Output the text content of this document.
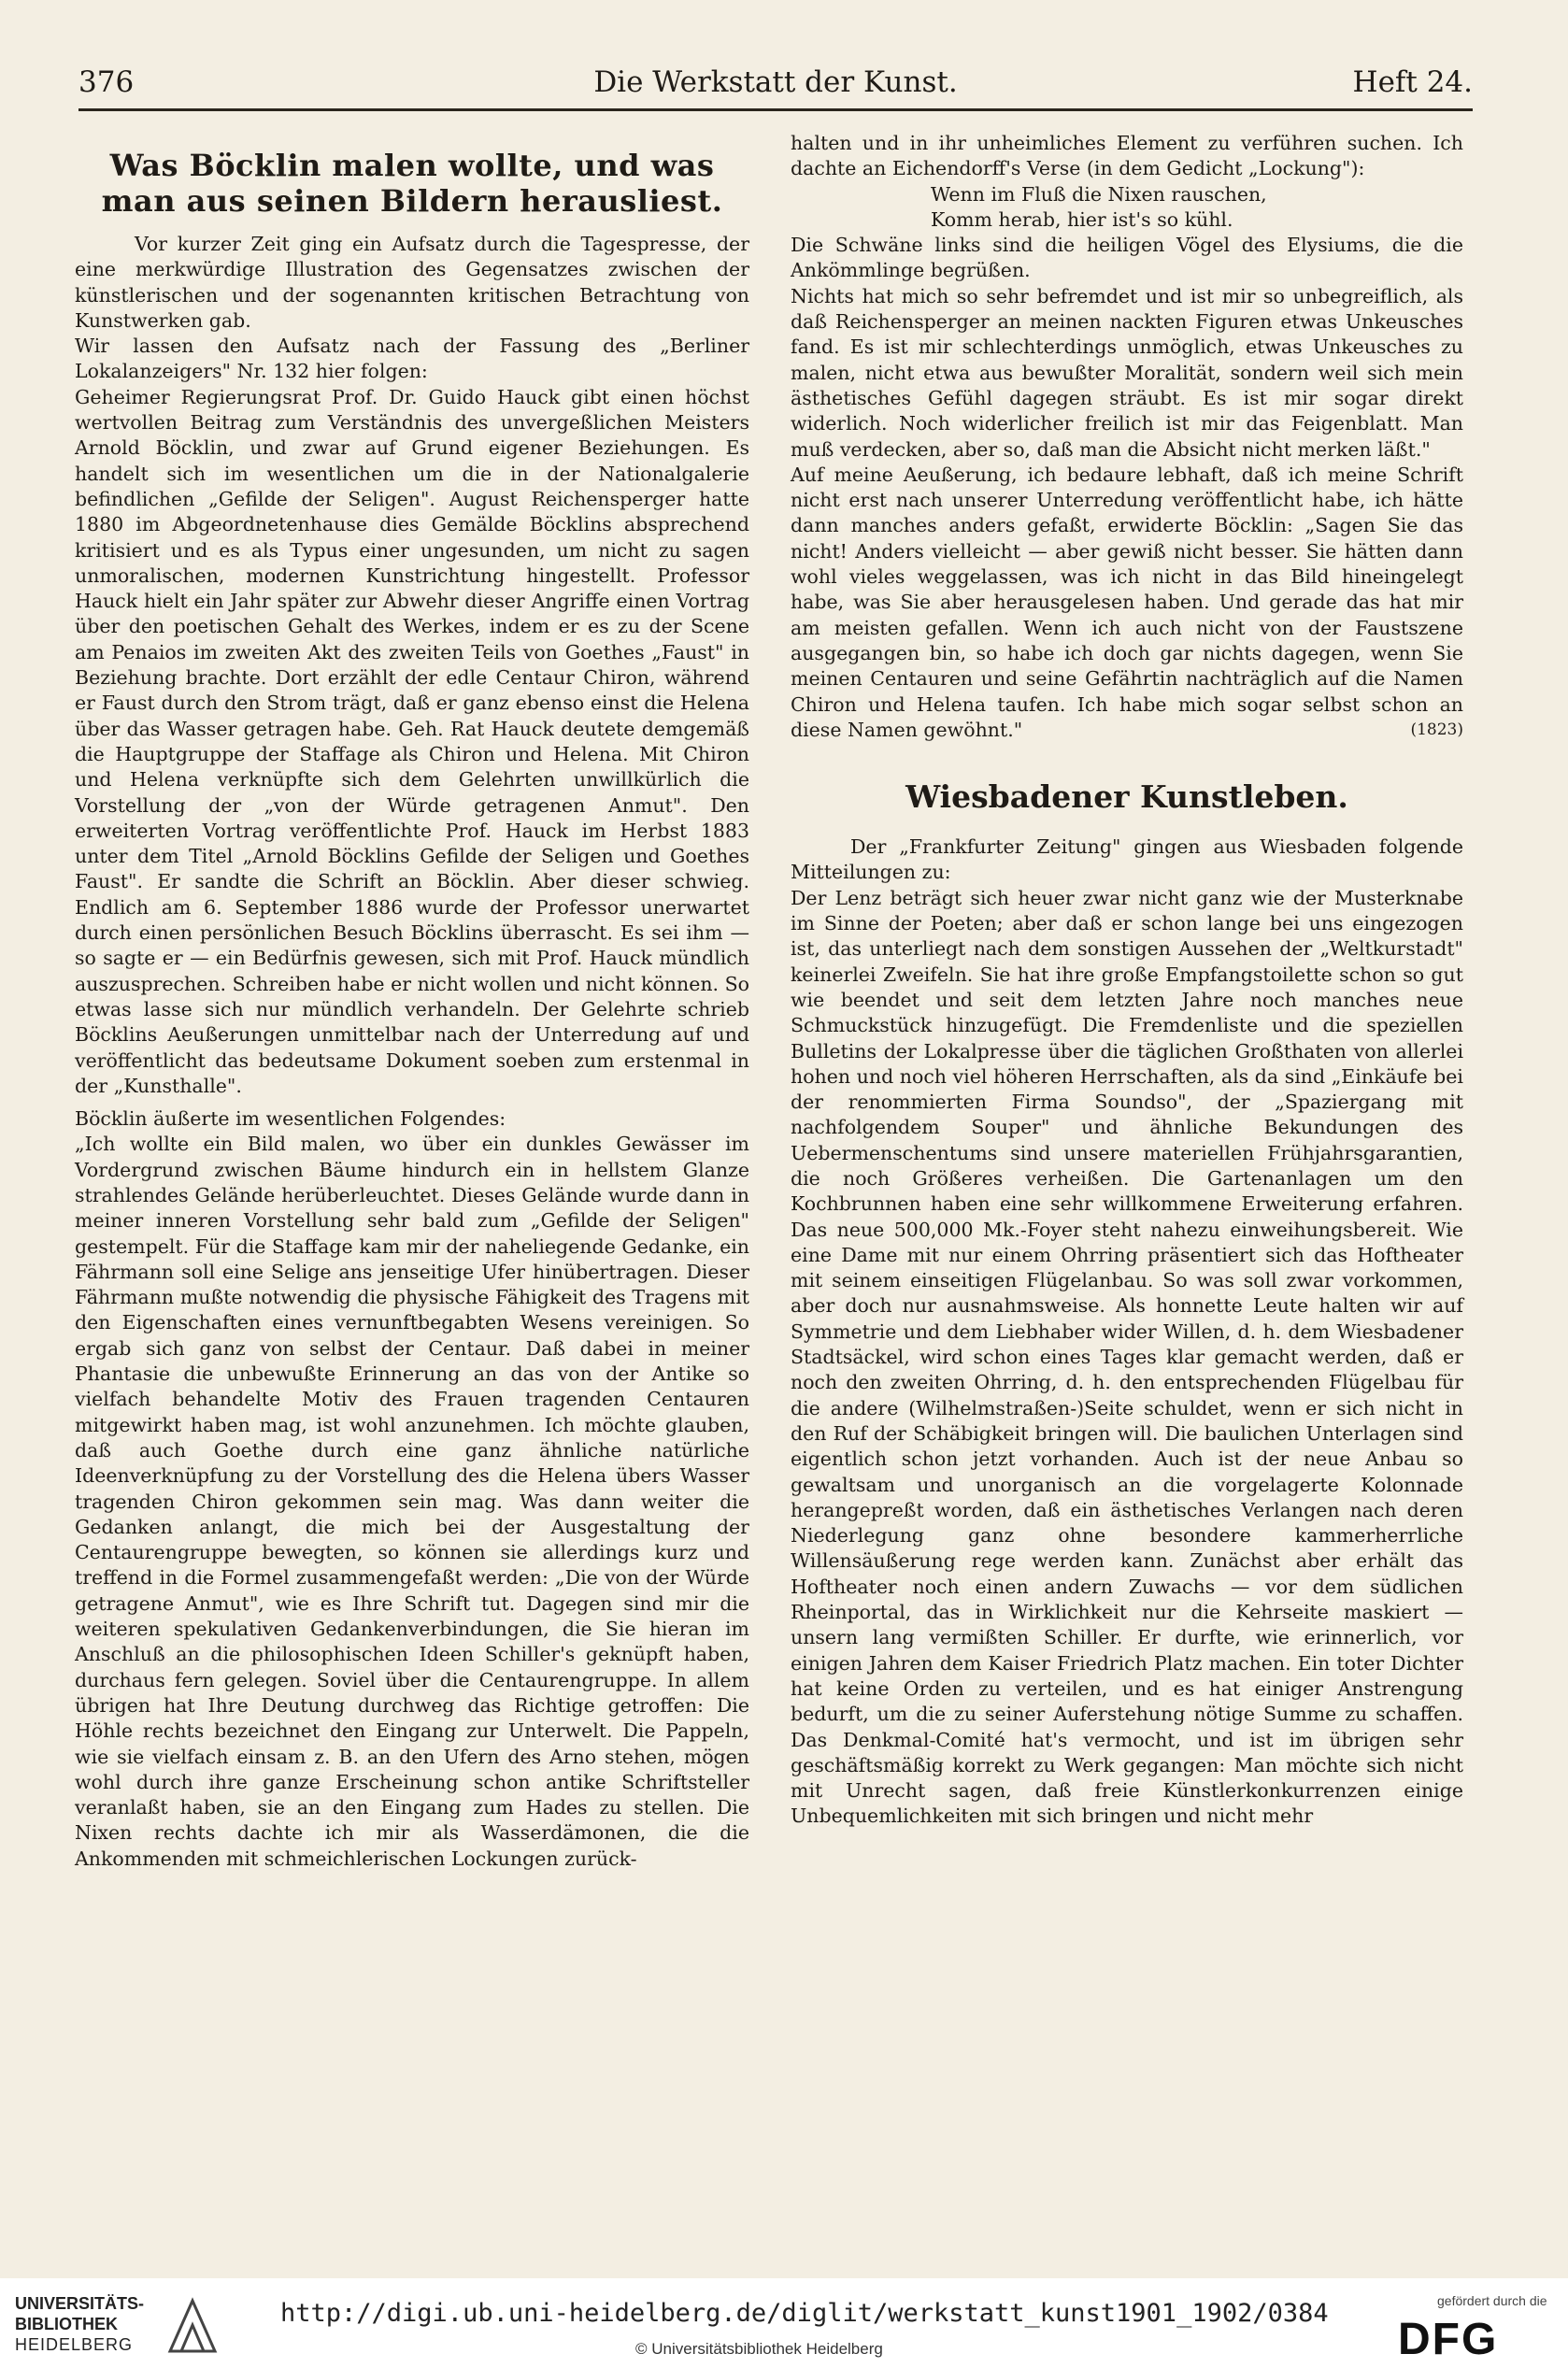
376	Die Werkstatt der Kunst.	Heft 24.
Was Böcklin malen wollte, und was man aus seinen Bildern herausliest.

Vor kurzer Zeit ging ein Aufsatz durch die Tagespresse, der eine merkwürdige Illustration des Gegensatzes zwischen der künstlerischen und der sogenannten kritischen Betrachtung von Kunstwerken gab.

Wir lassen den Aufsatz nach der Fassung des „Berliner Lokalanzeigers" Nr. 132 hier folgen:

Geheimer Regierungsrat Prof. Dr. Guido Hauck gibt einen höchst wertvollen Beitrag zum Verständnis des unvergeßlichen Meisters Arnold Böcklin, und zwar auf Grund eigener Beziehungen. Es handelt sich im wesentlichen um die in der Nationalgalerie befindlichen „Gefilde der Seligen". August Reichensperger hatte 1880 im Abgeordnetenhause dies Gemälde Böcklins absprechend kritisiert und es als Typus einer ungesunden, um nicht zu sagen unmoralischen, modernen Kunstrichtung hingestellt. Professor Hauck hielt ein Jahr später zur Abwehr dieser Angriffe einen Vortrag über den poetischen Gehalt des Werkes, indem er es zu der Scene am Penaios im zweiten Akt des zweiten Teils von Goethes „Faust" in Beziehung brachte. Dort erzählt der edle Centaur Chiron, während er Faust durch den Strom trägt, daß er ganz ebenso einst die Helena über das Wasser getragen habe. Geh. Rat Hauck deutete demgemäß die Hauptgruppe der Staffage als Chiron und Helena. Mit Chiron und Helena verknüpfte sich dem Gelehrten unwillkürlich die Vorstellung der „von der Würde getragenen Anmut". Den erweiterten Vortrag veröffentlichte Prof. Hauck im Herbst 1883 unter dem Titel „Arnold Böcklins Gefilde der Seligen und Goethes Faust". Er sandte die Schrift an Böcklin. Aber dieser schwieg. Endlich am 6. September 1886 wurde der Professor unerwartet durch einen persönlichen Besuch Böcklins überrascht. Es sei ihm — so sagte er — ein Bedürfnis gewesen, sich mit Prof. Hauck mündlich auszusprechen. Schreiben habe er nicht wollen und nicht können. So etwas lasse sich nur mündlich verhandeln. Der Gelehrte schrieb Böcklins Aeußerungen unmittelbar nach der Unterredung auf und veröffentlicht das bedeutsame Dokument soeben zum erstenmal in der „Kunsthalle".

Böcklin äußerte im wesentlichen Folgendes:

„Ich wollte ein Bild malen, wo über ein dunkles Gewässer im Vordergrund zwischen Bäume hindurch ein in hellstem Glanze strahlendes Gelände herüberleuchtet. Dieses Gelände wurde dann in meiner inneren Vorstellung sehr bald zum „Gefilde der Seligen" gestempelt. Für die Staffage kam mir der naheliegende Gedanke, ein Fährmann soll eine Selige ans jenseitige Ufer hinübertragen. Dieser Fährmann mußte notwendig die physische Fähigkeit des Tragens mit den Eigenschaften eines vernunftbegabten Wesens vereinigen. So ergab sich ganz von selbst der Centaur. Daß dabei in meiner Phantasie die unbewußte Erinnerung an das von der Antike so vielfach behandelte Motiv des Frauen tragenden Centauren mitgewirkt haben mag, ist wohl anzunehmen. Ich möchte glauben, daß auch Goethe durch eine ganz ähnliche natürliche Ideenverknüpfung zu der Vorstellung des die Helena übers Wasser tragenden Chiron gekommen sein mag. Was dann weiter die Gedanken anlangt, die mich bei der Ausgestaltung der Centaurengruppe bewegten, so können sie allerdings kurz und treffend in die Formel zusammengefaßt werden: „Die von der Würde getragene Anmut", wie es Ihre Schrift tut. Dagegen sind mir die weiteren spekulativen Gedankenverbindungen, die Sie hieran im Anschluß an die philosophischen Ideen Schiller's geknüpft haben, durchaus fern gelegen. Soviel über die Centaurengruppe. In allem übrigen hat Ihre Deutung durchweg das Richtige getroffen: Die Höhle rechts bezeichnet den Eingang zur Unterwelt. Die Pappeln, wie sie vielfach einsam z. B. an den Ufern des Arno stehen, mögen wohl durch ihre ganze Erscheinung schon antike Schriftsteller veranlaßt haben, sie an den Eingang zum Hades zu stellen. Die Nixen rechts dachte ich mir als Wasserdämonen, die die Ankommenden mit schmeichlerischen Lockungen zurück-

halten und in ihr unheimliches Element zu verführen suchen. Ich dachte an Eichendorff's Verse (in dem Gedicht „Lockung"):

Wenn im Fluß die Nixen rauschen,

Komm herab, hier ist's so kühl.

Die Schwäne links sind die heiligen Vögel des Elysiums, die die Ankömmlinge begrüßen.

Nichts hat mich so sehr befremdet und ist mir so unbegreiflich, als daß Reichensperger an meinen nackten Figuren etwas Unkeusches fand. Es ist mir schlechterdings unmöglich, etwas Unkeusches zu malen, nicht etwa aus bewußter Moralität, sondern weil sich mein ästhetisches Gefühl dagegen sträubt. Es ist mir sogar direkt widerlich. Noch widerlicher freilich ist mir das Feigenblatt. Man muß verdecken, aber so, daß man die Absicht nicht merken läßt."

Auf meine Aeußerung, ich bedaure lebhaft, daß ich meine Schrift nicht erst nach unserer Unterredung veröffentlicht habe, ich hätte dann manches anders gefaßt, erwiderte Böcklin: „Sagen Sie das nicht! Anders vielleicht — aber gewiß nicht besser. Sie hätten dann wohl vieles weggelassen, was ich nicht in das Bild hineingelegt habe, was Sie aber herausgelesen haben. Und gerade das hat mir am meisten gefallen. Wenn ich auch nicht von der Faustszene ausgegangen bin, so habe ich doch gar nichts dagegen, wenn Sie meinen Centauren und seine Gefährtin nachträglich auf die Namen Chiron und Helena taufen. Ich habe mich sogar selbst schon an diese Namen gewöhnt."	(1823)

Wiesbadener Kunstleben.

Der „Frankfurter Zeitung" gingen aus Wiesbaden folgende Mitteilungen zu:

Der Lenz beträgt sich heuer zwar nicht ganz wie der Musterknabe im Sinne der Poeten; aber daß er schon lange bei uns eingezogen ist, das unterliegt nach dem sonstigen Aussehen der „Weltkurstadt" keinerlei Zweifeln. Sie hat ihre große Empfangstoilette schon so gut wie beendet und seit dem letzten Jahre noch manches neue Schmuckstück hinzugefügt. Die Fremdenliste und die speziellen Bulletins der Lokalpresse über die täglichen Großthaten von allerlei hohen und noch viel höheren Herrschaften, als da sind „Einkäufe bei der renommierten Firma Soundso", der „Spaziergang mit nachfolgendem Souper" und ähnliche Bekundungen des Uebermenschentums sind unsere materiellen Frühjahrsgarantien, die noch Größeres verheißen. Die Gartenanlagen um den Kochbrunnen haben eine sehr willkommene Erweiterung erfahren. Das neue 500,000 Mk.-Foyer steht nahezu einweihungsbereit. Wie eine Dame mit nur einem Ohrring präsentiert sich das Hoftheater mit seinem einseitigen Flügelanbau. So was soll zwar vorkommen, aber doch nur ausnahmsweise. Als honnette Leute halten wir auf Symmetrie und dem Liebhaber wider Willen, d. h. dem Wiesbadener Stadtsäckel, wird schon eines Tages klar gemacht werden, daß er noch den zweiten Ohrring, d. h. den entsprechenden Flügelbau für die andere (Wilhelmstraßen-)Seite schuldet, wenn er sich nicht in den Ruf der Schäbigkeit bringen will. Die baulichen Unterlagen sind eigentlich schon jetzt vorhanden. Auch ist der neue Anbau so gewaltsam und unorganisch an die vorgelagerte Kolonnade herangepreßt worden, daß ein ästhetisches Verlangen nach deren Niederlegung ganz ohne besondere kammerherrliche Willensäußerung rege werden kann. Zunächst aber erhält das Hoftheater noch einen andern Zuwachs — vor dem südlichen Rheinportal, das in Wirklichkeit nur die Kehrseite maskiert — unsern lang vermißten Schiller. Er durfte, wie erinnerlich, vor einigen Jahren dem Kaiser Friedrich Platz machen. Ein toter Dichter hat keine Orden zu verteilen, und es hat einiger Anstrengung bedurft, um die zu seiner Auferstehung nötige Summe zu schaffen. Das Denkmal-Comité hat's vermocht, und ist im übrigen sehr geschäftsmäßig korrekt zu Werk gegangen: Man möchte sich nicht mit Unrecht sagen, daß freie Künstlerkonkurrenzen einige Unbequemlichkeiten mit sich bringen und nicht mehr

UNIVERSITÄTS-
BIBLIOTHEK
HEIDELBERG
http://digi.ub.uni-heidelberg.de/diglit/werkstatt_kunst1901_1902/0384
© Universitätsbibliothek Heidelberg
gefördert durch die
DFG
